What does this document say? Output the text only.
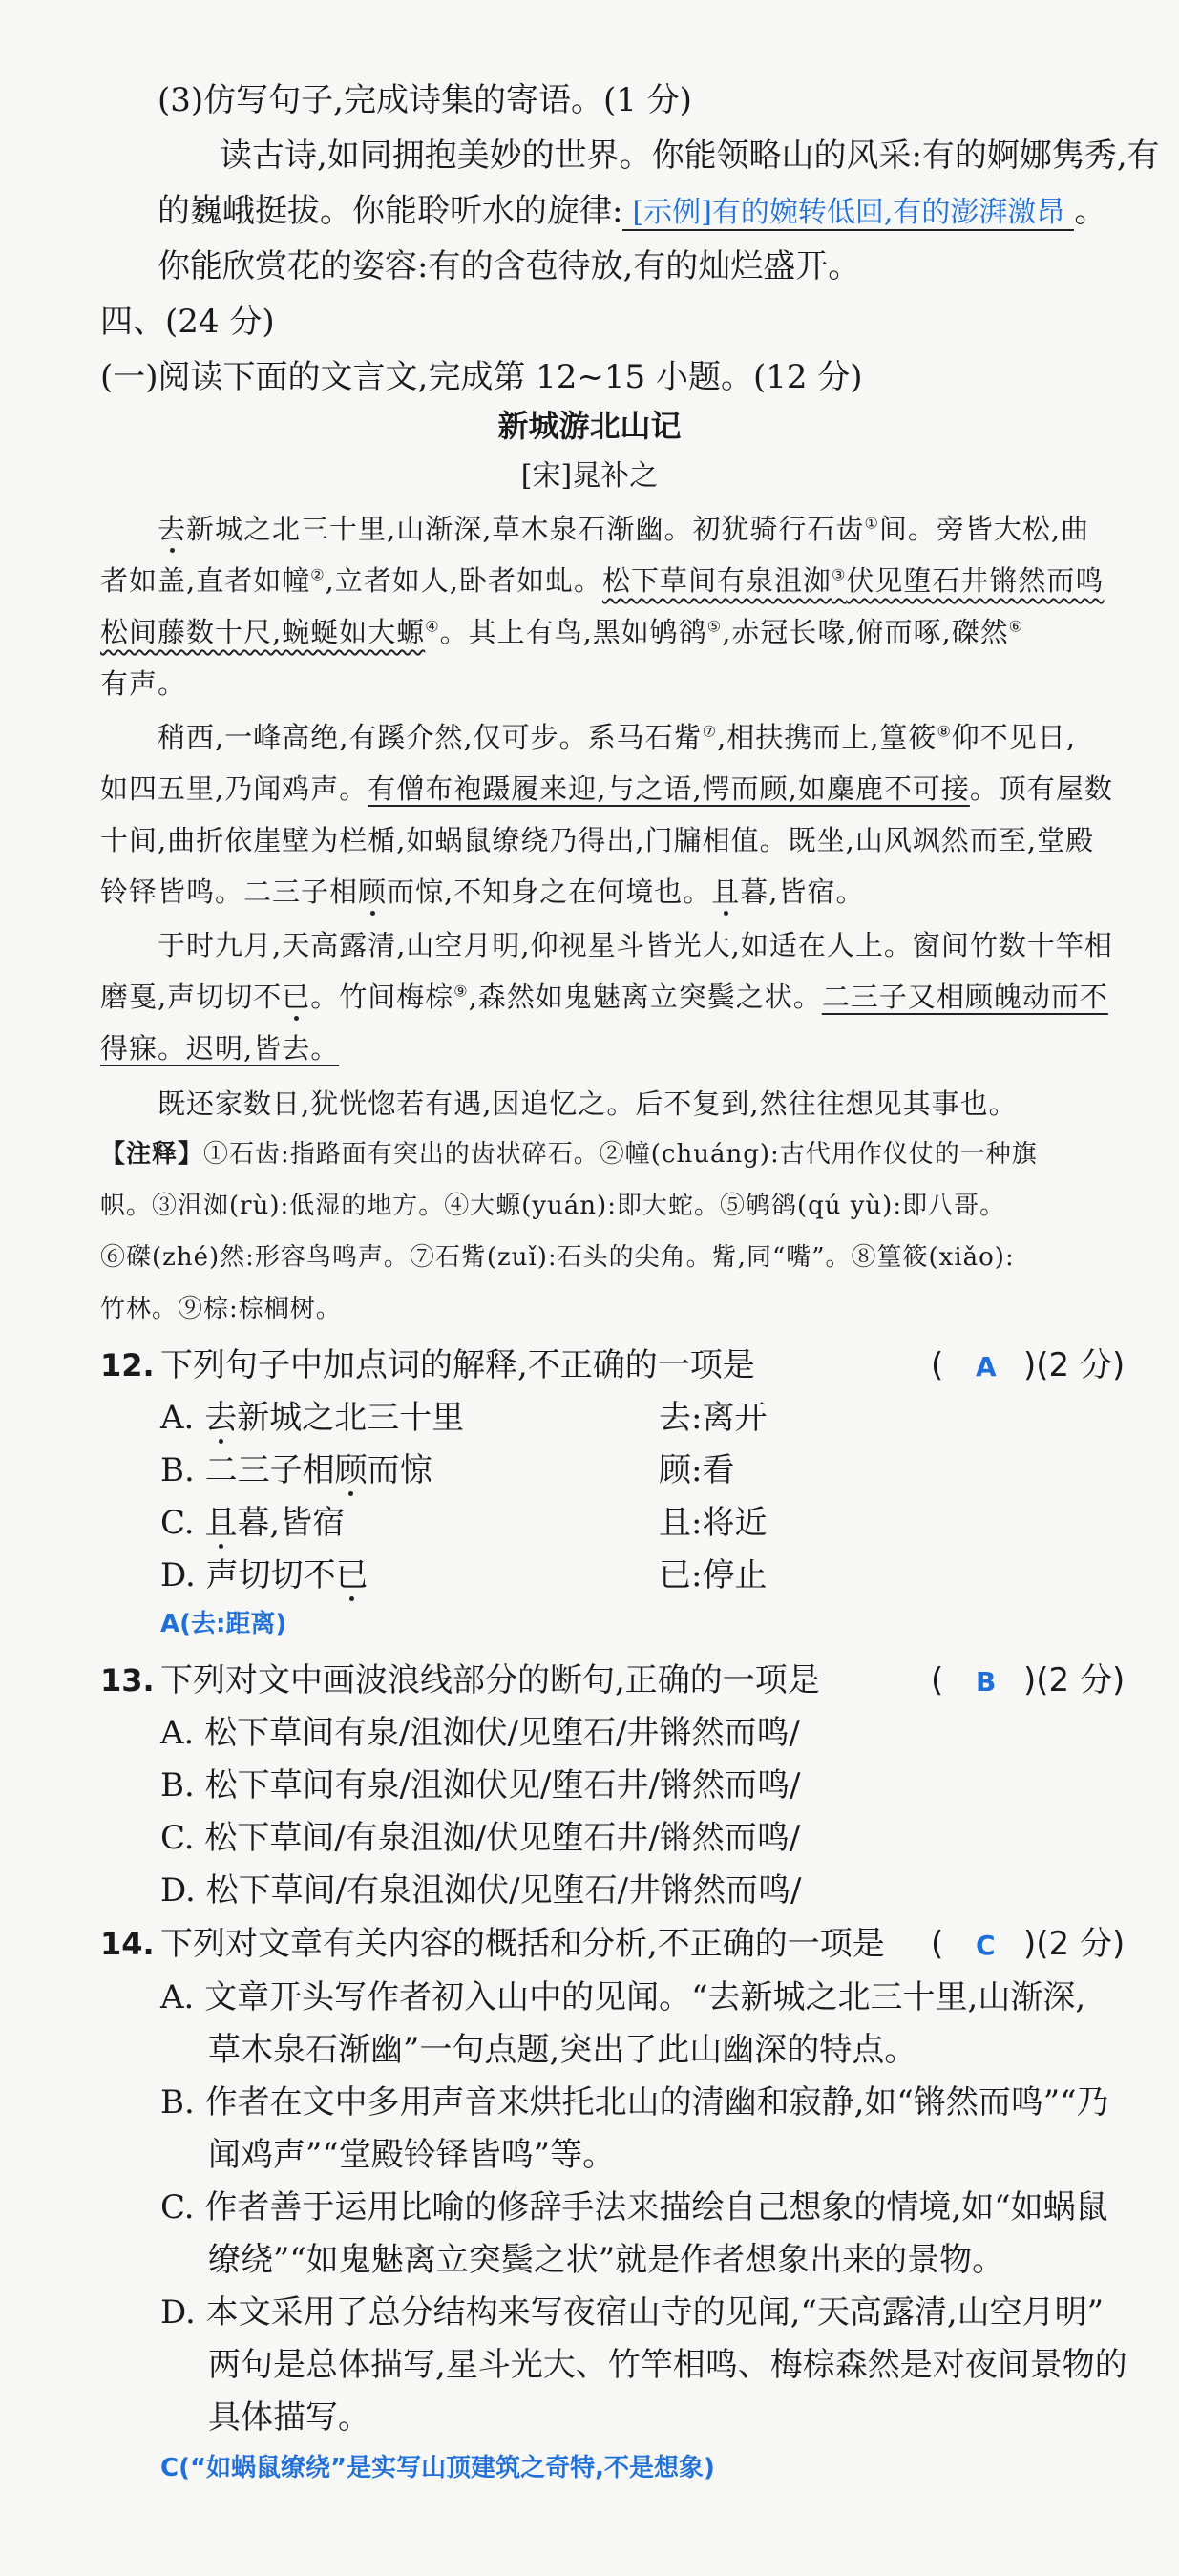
(3)仿写句子,完成诗集的寄语。(1 分)
读古诗,如同拥抱美妙的世界。你能领略山的风采:有的婀娜隽秀,有
的巍峨挺拔。你能聆听水的旋律: [示例]有的婉转低回,有的澎湃激昂 。
你能欣赏花的姿容:有的含苞待放,有的灿烂盛开。
四、(24 分)
(一)阅读下面的文言文,完成第 12~15 小题。(12 分)
新城游北山记
[宋]晁补之
去新城之北三十里,山渐深,草木泉石渐幽。初犹骑行石齿①间。旁皆大松,曲
者如盖,直者如幢②,立者如人,卧者如虬。松下草间有泉沮洳③伏见堕石井锵然而鸣
松间藤数十尺,蜿蜒如大螈④。其上有鸟,黑如鸲鹆⑤,赤冠长喙,俯而啄,磔然⑥
有声。
稍西,一峰高绝,有蹊介然,仅可步。系马石觜⑦,相扶携而上,篁筱⑧仰不见日,
如四五里,乃闻鸡声。有僧布袍蹑履来迎,与之语,愕而顾,如麋鹿不可接。顶有屋数
十间,曲折依崖壁为栏楯,如蜗鼠缭绕乃得出,门牖相值。既坐,山风飒然而至,堂殿
铃铎皆鸣。二三子相顾而惊,不知身之在何境也。且暮,皆宿。
于时九月,天高露清,山空月明,仰视星斗皆光大,如适在人上。窗间竹数十竿相
磨戛,声切切不已。竹间梅棕⑨,森然如鬼魅离立突鬓之状。二三子又相顾魄动而不
得寐。迟明,皆去。
既还家数日,犹恍惚若有遇,因追忆之。后不复到,然往往想见其事也。
【注释】①石齿:指路面有突出的齿状碎石。②幢(chuáng):古代用作仪仗的一种旗
帜。③沮洳(rù):低湿的地方。④大螈(yuán):即大蛇。⑤鸲鹆(qú yù):即八哥。
⑥磔(zhé)然:形容鸟鸣声。⑦石觜(zuǐ):石头的尖角。觜,同“嘴”。⑧篁筱(xiǎo):
竹林。⑨棕:棕榈树。
12. 下列句子中加点词的解释,不正确的一项是	( A )(2 分)
A. 去新城之北三十里	去:离开
B. 二三子相顾而惊	顾:看
C. 且暮,皆宿	且:将近
D. 声切切不已	已:停止
A(去:距离)
13. 下列对文中画波浪线部分的断句,正确的一项是	( B )(2 分)
A. 松下草间有泉/沮洳伏/见堕石/井锵然而鸣/
B. 松下草间有泉/沮洳伏见/堕石井/锵然而鸣/
C. 松下草间/有泉沮洳/伏见堕石井/锵然而鸣/
D. 松下草间/有泉沮洳伏/见堕石/井锵然而鸣/
14. 下列对文章有关内容的概括和分析,不正确的一项是 ( C )(2 分)
A. 文章开头写作者初入山中的见闻。“去新城之北三十里,山渐深,
草木泉石渐幽”一句点题,突出了此山幽深的特点。
B. 作者在文中多用声音来烘托北山的清幽和寂静,如“锵然而鸣”“乃
闻鸡声”“堂殿铃铎皆鸣”等。
C. 作者善于运用比喻的修辞手法来描绘自己想象的情境,如“如蜗鼠
缭绕”“如鬼魅离立突鬓之状”就是作者想象出来的景物。
D. 本文采用了总分结构来写夜宿山寺的见闻,“天高露清,山空月明”
两句是总体描写,星斗光大、竹竿相鸣、梅棕森然是对夜间景物的
具体描写。
C(“如蜗鼠缭绕”是实写山顶建筑之奇特,不是想象)
